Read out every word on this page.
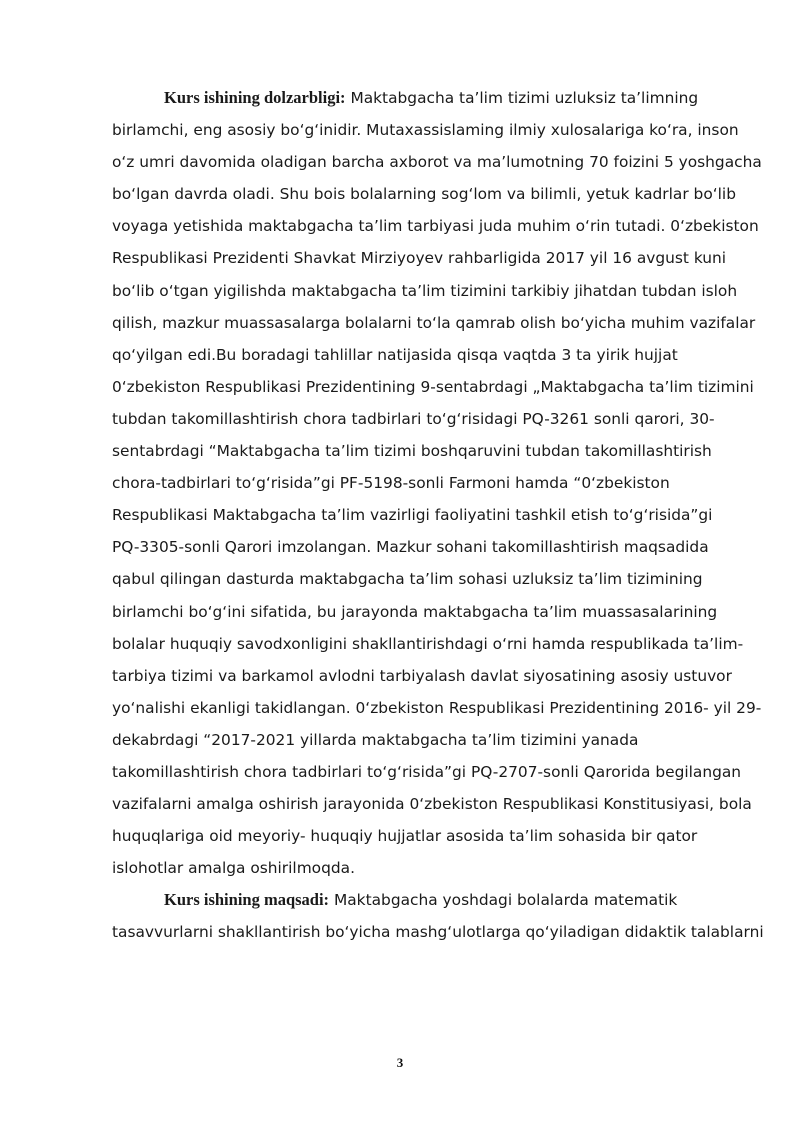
Kurs ishining dolzarbligi: Maktabgacha ta’lim tizimi uzluksiz ta’limning
birlamchi, eng asosiy bo‘g‘inidir. Mutaxassislaming ilmiy xulosalariga ko‘ra, inson
o‘z umri davomida oladigan barcha axborot va ma’lumotning 70 foizini 5 yoshgacha
bo‘lgan davrda oladi. Shu bois bolalarning sog‘lom va bilimli, yetuk kadrlar bo‘lib
voyaga yetishida maktabgacha ta’lim tarbiyasi juda muhim o‘rin tutadi. 0‘zbekiston
Respublikasi Prezidenti Shavkat Mirziyoyev rahbarligida 2017 yil 16 avgust kuni
bo‘lib o‘tgan yigilishda maktabgacha ta’lim tizimini tarkibiy jihatdan tubdan isloh
qilish, mazkur muassasalarga bolalarni to‘la qamrab olish bo‘yicha muhim vazifalar
qo‘yilgan edi.Bu boradagi tahlillar natijasida qisqa vaqtda 3 ta yirik hujjat
0‘zbekiston Respublikasi Prezidentining 9-sentabrdagi „Maktabgacha ta’lim tizimini
tubdan takomillashtirish chora tadbirlari to‘g‘risidagi PQ-3261 sonli qarori, 30-
sentabrdagi “Maktabgacha ta’lim tizimi boshqaruvini tubdan takomillashtirish
chora-tadbirlari to‘g‘risida”gi PF-5198-sonli Farmoni hamda “0‘zbekiston
Respublikasi Maktabgacha ta’lim vazirligi faoliyatini tashkil etish to‘g‘risida”gi
PQ-3305-sonli Qarori imzolangan. Mazkur sohani takomillashtirish maqsadida
qabul qilingan dasturda maktabgacha ta’lim sohasi uzluksiz ta’lim tizimining
birlamchi bo‘g‘ini sifatida, bu jarayonda maktabgacha ta’lim muassasalarining
bolalar huquqiy savodxonligini shakllantirishdagi o‘rni hamda respublikada ta’lim-
tarbiya tizimi va barkamol avlodni tarbiyalash davlat siyosatining asosiy ustuvor
yo‘nalishi ekanligi takidlangan. 0‘zbekiston Respublikasi Prezidentining 2016- yil 29-
dekabrdagi “2017-2021 yillarda maktabgacha ta’lim tizimini yanada
takomillashtirish chora tadbirlari to‘g‘risida”gi PQ-2707-sonli Qarorida begilangan
vazifalarni amalga oshirish jarayonida 0‘zbekiston Respublikasi Konstitusiyasi, bola
huquqlariga oid meyoriy- huquqiy hujjatlar asosida ta’lim sohasida bir qator
islohotlar amalga oshirilmoqda.
Kurs ishining maqsadi: Maktabgacha yoshdagi bolalarda matematik
tasavvurlarni shakllantirish bo‘yicha mashg‘ulotlarga qo‘yiladigan didaktik talablarni
3
